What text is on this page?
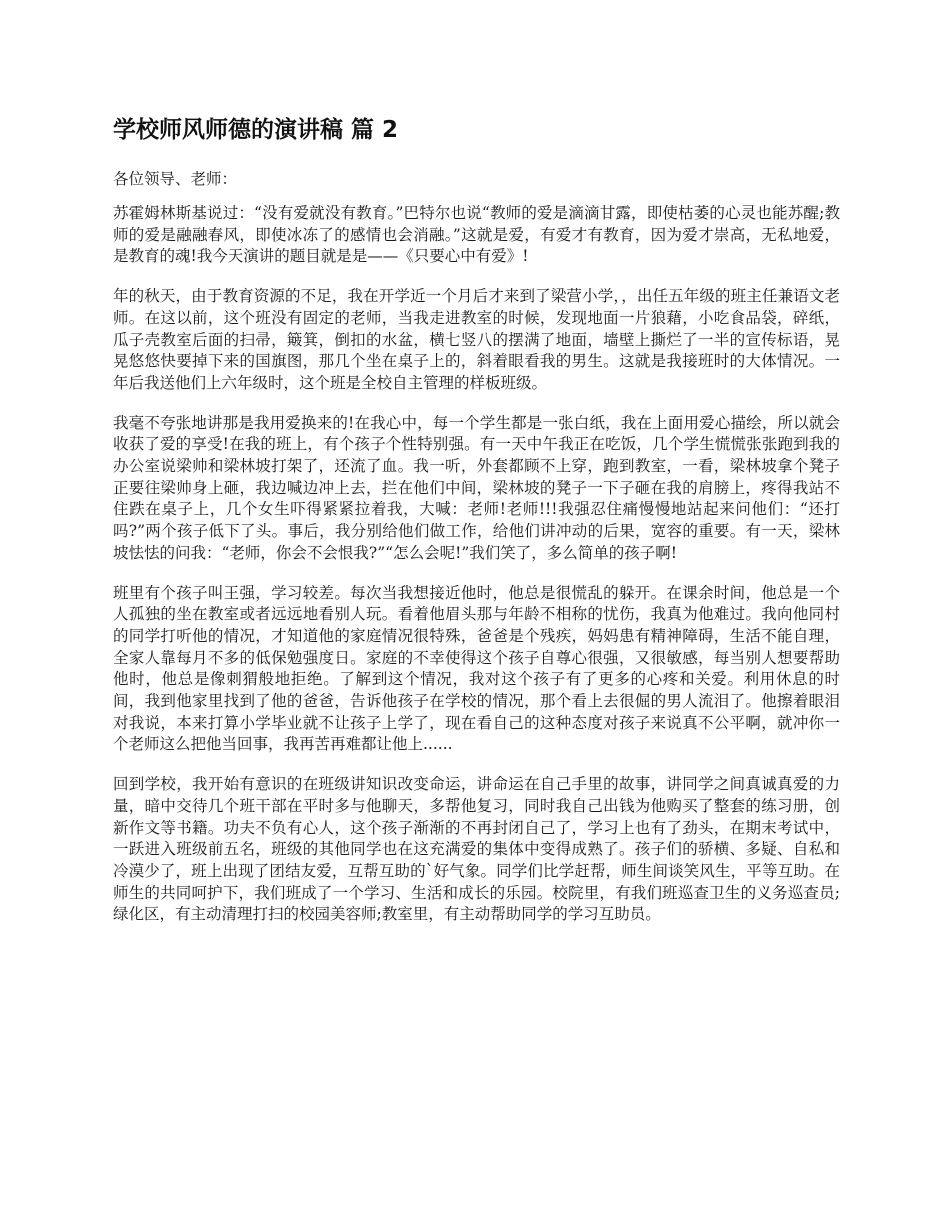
学校师风师德的演讲稿 篇 2

各位领导、老师：

苏霍姆林斯基说过：“没有爱就没有教育。”巴特尔也说“教师的爱是滴滴甘露，即使枯萎的心灵也能苏醒;教师的爱是融融春风，即使冰冻了的感情也会消融。”这就是爱，有爱才有教育，因为爱才崇高，无私地爱，是教育的魂!我今天演讲的题目就是是——《只要心中有爱》!

年的秋天，由于教育资源的不足，我在开学近一个月后才来到了梁营小学，，出任五年级的班主任兼语文老师。在这以前，这个班没有固定的老师，当我走进教室的时候，发现地面一片狼藉，小吃食品袋，碎纸，瓜子壳教室后面的扫帚，簸箕，倒扣的水盆，横七竖八的摆满了地面，墙壁上撕烂了一半的宣传标语，晃晃悠悠快要掉下来的国旗图，那几个坐在桌子上的，斜着眼看我的男生。这就是我接班时的大体情况。一年后我送他们上六年级时，这个班是全校自主管理的样板班级。

我毫不夸张地讲那是我用爱换来的!在我心中，每一个学生都是一张白纸，我在上面用爱心描绘，所以就会收获了爱的享受!在我的班上，有个孩子个性特别强。有一天中午我正在吃饭，几个学生慌慌张张跑到我的办公室说梁帅和梁林坡打架了，还流了血。我一听，外套都顾不上穿，跑到教室，一看，梁林坡拿个凳子正要往梁帅身上砸，我边喊边冲上去，拦在他们中间，梁林坡的凳子一下子砸在我的肩膀上，疼得我站不住跌在桌子上，几个女生吓得紧紧拉着我，大喊：老师!老师!!!我强忍住痛慢慢地站起来问他们：“还打吗?”两个孩子低下了头。事后，我分别给他们做工作，给他们讲冲动的后果，宽容的重要。有一天，梁林坡怯怯的问我：“老师，你会不会恨我?”“怎么会呢!”我们笑了，多么简单的孩子啊!

班里有个孩子叫王强，学习较差。每次当我想接近他时，他总是很慌乱的躲开。在课余时间，他总是一个人孤独的坐在教室或者远远地看别人玩。看着他眉头那与年龄不相称的忧伤，我真为他难过。我向他同村的同学打听他的情况，才知道他的家庭情况很特殊，爸爸是个残疾，妈妈患有精神障碍，生活不能自理，全家人靠每月不多的低保勉强度日。家庭的不幸使得这个孩子自尊心很强，又很敏感，每当别人想要帮助他时，他总是像刺猬般地拒绝。了解到这个情况，我对这个孩子有了更多的心疼和关爱。利用休息的时间，我到他家里找到了他的爸爸，告诉他孩子在学校的情况，那个看上去很倔的男人流泪了。他擦着眼泪对我说，本来打算小学毕业就不让孩子上学了，现在看自己的这种态度对孩子来说真不公平啊，就冲你一个老师这么把他当回事，我再苦再难都让他上......

回到学校，我开始有意识的在班级讲知识改变命运，讲命运在自己手里的故事，讲同学之间真诚真爱的力量，暗中交待几个班干部在平时多与他聊天，多帮他复习，同时我自己出钱为他购买了整套的练习册，创新作文等书籍。功夫不负有心人，这个孩子渐渐的不再封闭自己了，学习上也有了劲头，在期末考试中，一跃进入班级前五名，班级的其他同学也在这充满爱的集体中变得成熟了。孩子们的骄横、多疑、自私和冷漠少了，班上出现了团结友爱，互帮互助的`好气象。同学们比学赶帮，师生间谈笑风生，平等互助。在师生的共同呵护下，我们班成了一个学习、生活和成长的乐园。校院里，有我们班巡查卫生的义务巡查员;绿化区，有主动清理打扫的校园美容师;教室里，有主动帮助同学的学习互助员。
